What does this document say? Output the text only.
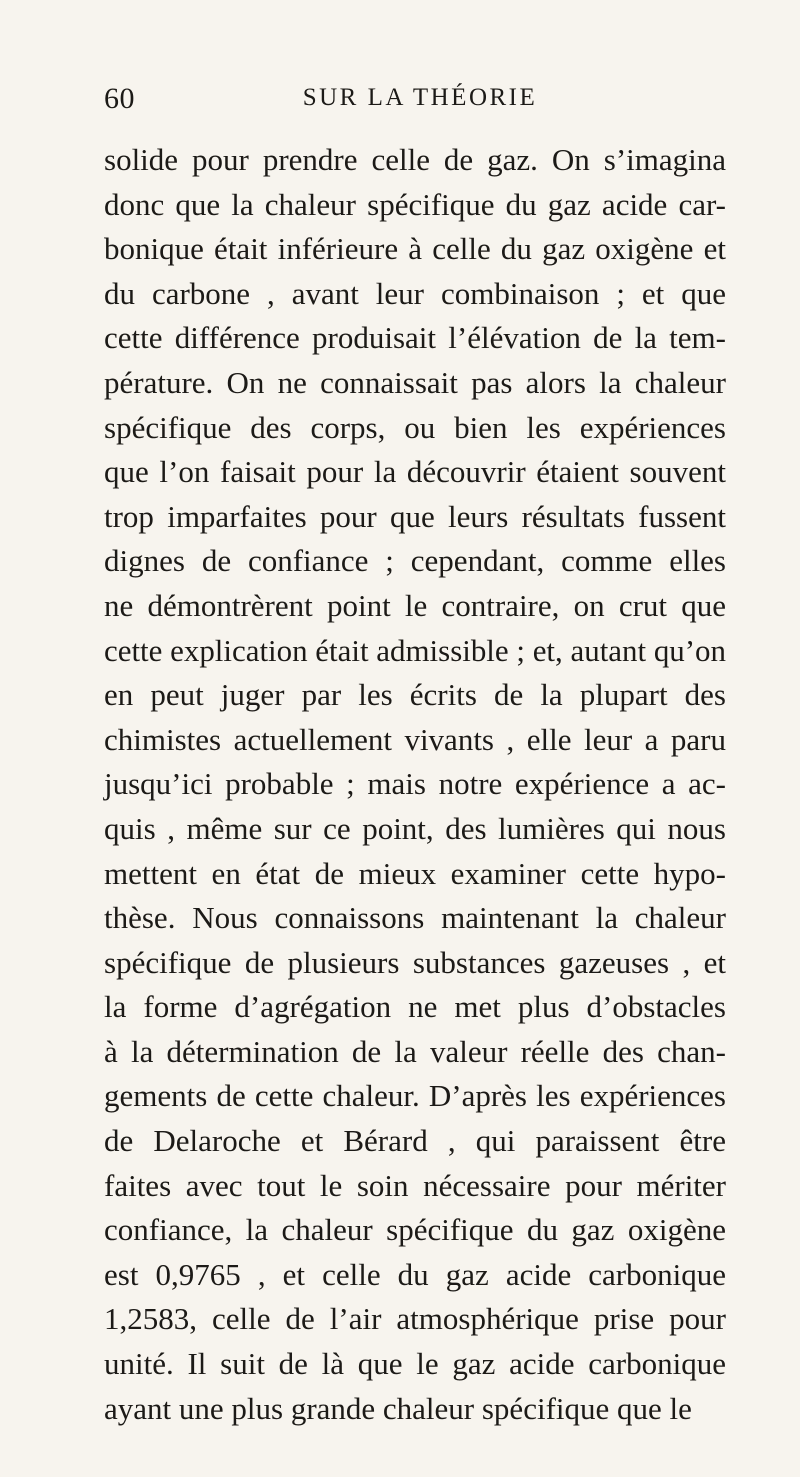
60	SUR LA THÉORIE
solide pour prendre celle de gaz. On s’imagina
donc que la chaleur spécifique du gaz acide car-
bonique était inférieure à celle du gaz oxigène et
du carbone , avant leur combinaison ; et que
cette différence produisait l’élévation de la tem-
pérature. On ne connaissait pas alors la chaleur
spécifique des corps, ou bien les expériences
que l’on faisait pour la découvrir étaient souvent
trop imparfaites pour que leurs résultats fussent
dignes de confiance ; cependant, comme elles
ne démontrèrent point le contraire, on crut que
cette explication était admissible ; et, autant qu’on
en peut juger par les écrits de la plupart des
chimistes actuellement vivants , elle leur a paru
jusqu’ici probable ; mais notre expérience a ac-
quis , même sur ce point, des lumières qui nous
mettent en état de mieux examiner cette hypo-
thèse. Nous connaissons maintenant la chaleur
spécifique de plusieurs substances gazeuses , et
la forme d’agrégation ne met plus d’obstacles
à la détermination de la valeur réelle des chan-
gements de cette chaleur. D’après les expériences
de Delaroche et Bérard , qui paraissent être
faites avec tout le soin nécessaire pour mériter
confiance, la chaleur spécifique du gaz oxigène
est 0,9765 , et celle du gaz acide carbonique
1,2583, celle de l’air atmosphérique prise pour
unité. Il suit de là que le gaz acide carbonique
ayant une plus grande chaleur spécifique que le
